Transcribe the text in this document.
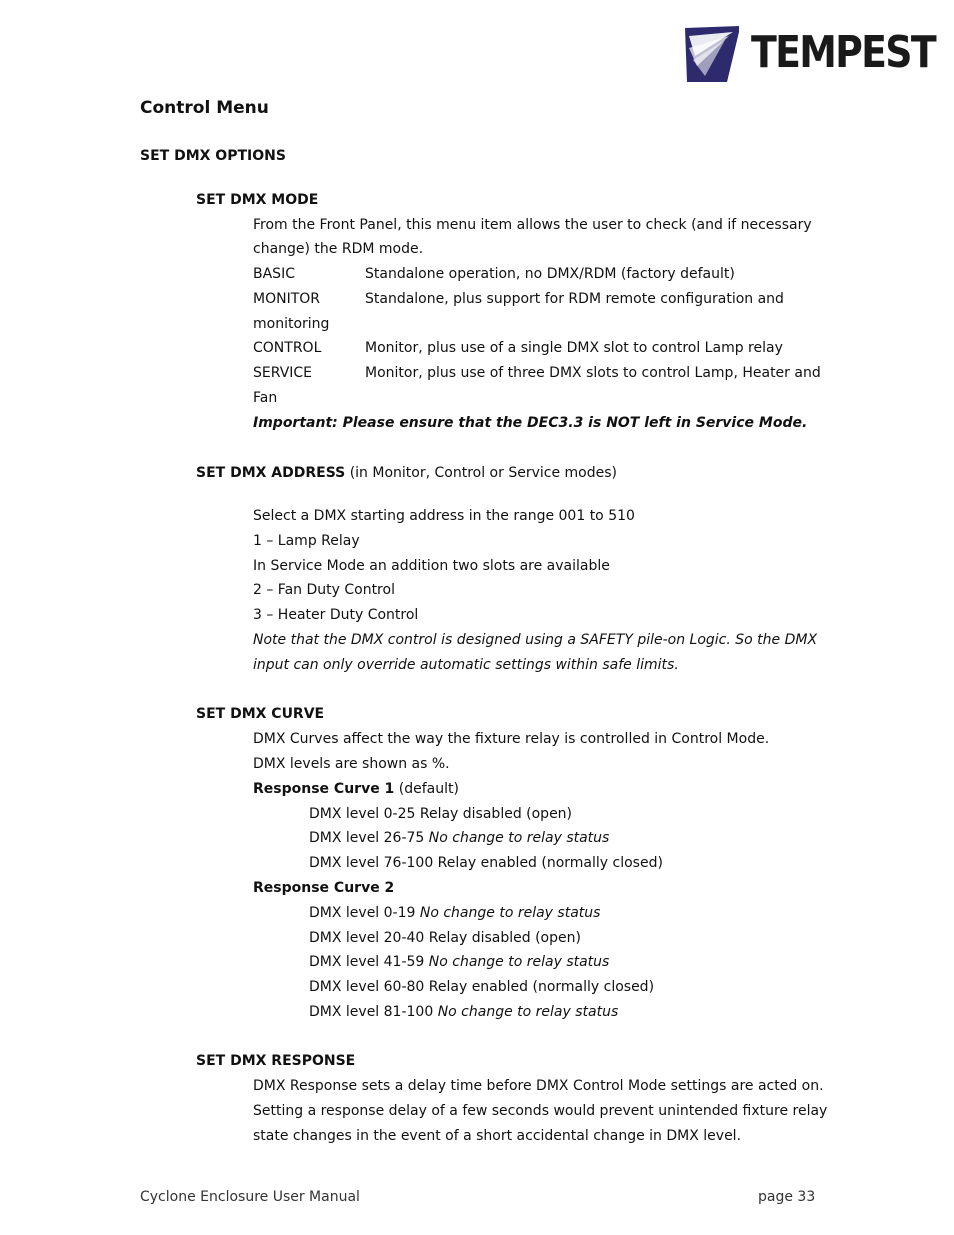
TEMPEST
Control Menu
SET DMX OPTIONS
SET DMX MODE
From the Front Panel, this menu item allows the user to check (and if necessary
change) the RDM mode.
BASIC	Standalone operation, no DMX/RDM (factory default)
MONITOR	Standalone, plus support for RDM remote configuration and
monitoring
CONTROL	Monitor, plus use of a single DMX slot to control Lamp relay
SERVICE	Monitor, plus use of three DMX slots to control Lamp, Heater and
Fan
Important: Please ensure that the DEC3.3 is NOT left in Service Mode.
SET DMX ADDRESS (in Monitor, Control or Service modes)
Select a DMX starting address in the range 001 to 510
1 – Lamp Relay
In Service Mode an addition two slots are available
2 – Fan Duty Control
3 – Heater Duty Control
Note that the DMX control is designed using a SAFETY pile-on Logic. So the DMX
input can only override automatic settings within safe limits.
SET DMX CURVE
DMX Curves affect the way the fixture relay is controlled in Control Mode.
DMX levels are shown as %.
Response Curve 1 (default)
DMX level 0-25 Relay disabled (open)
DMX level 26-75 No change to relay status
DMX level 76-100 Relay enabled (normally closed)
Response Curve 2
DMX level 0-19 No change to relay status
DMX level 20-40 Relay disabled (open)
DMX level 41-59 No change to relay status
DMX level 60-80 Relay enabled (normally closed)
DMX level 81-100 No change to relay status
SET DMX RESPONSE
DMX Response sets a delay time before DMX Control Mode settings are acted on.
Setting a response delay of a few seconds would prevent unintended fixture relay
state changes in the event of a short accidental change in DMX level.
Cyclone Enclosure User Manual	page 33
